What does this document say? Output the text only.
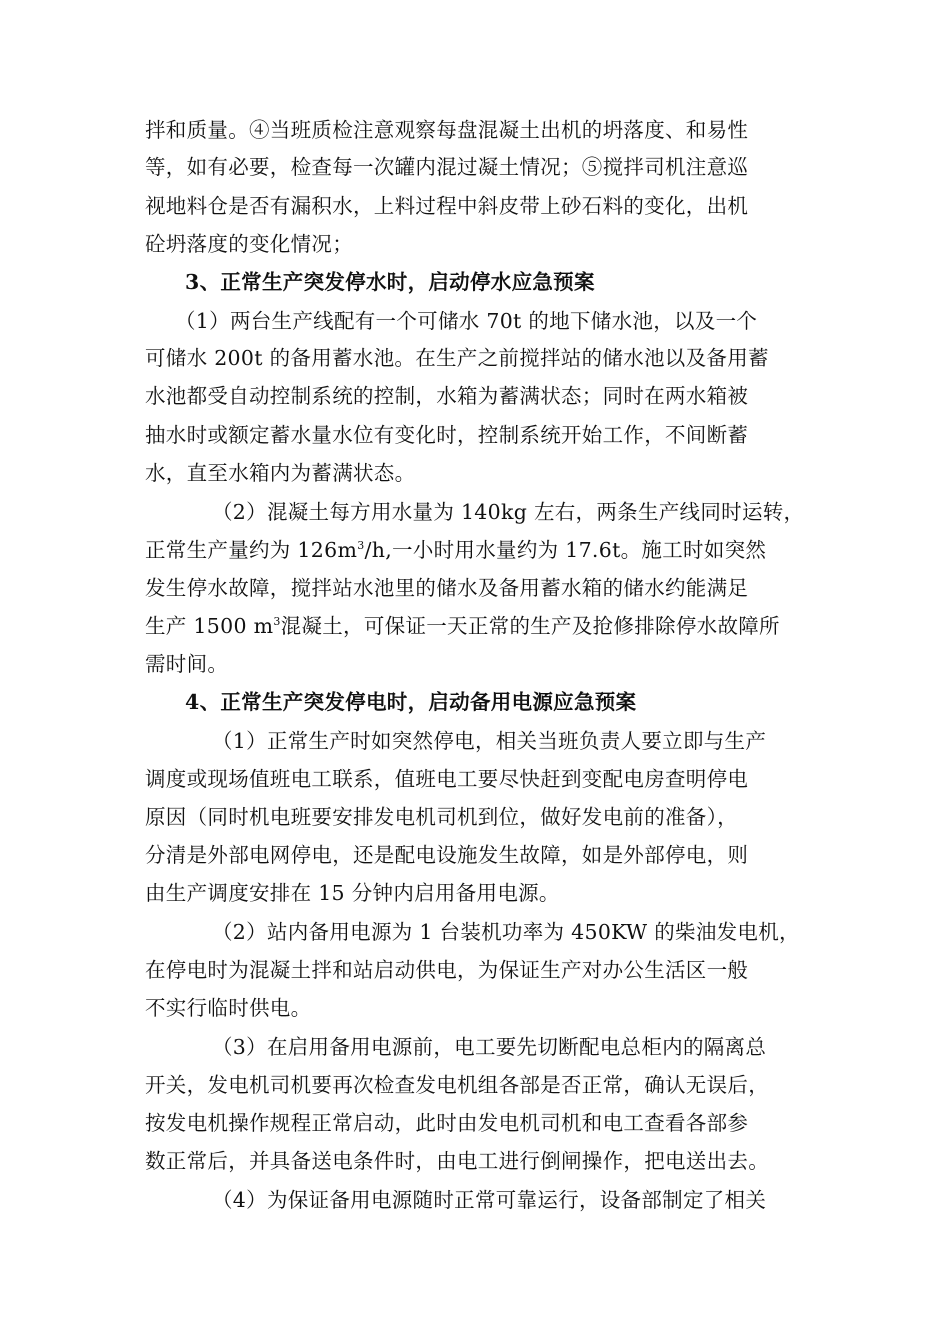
拌和质量。④当班质检注意观察每盘混凝土出机的坍落度、和易性
等，如有必要，检查每一次罐内混过凝土情况；⑤搅拌司机注意巡
视地料仓是否有漏积水，上料过程中斜皮带上砂石料的变化，出机
砼坍落度的变化情况；
3、正常生产突发停水时，启动停水应急预案
（1）两台生产线配有一个可储水 70t 的地下储水池，以及一个
可储水 200t 的备用蓄水池。在生产之前搅拌站的储水池以及备用蓄
水池都受自动控制系统的控制，水箱为蓄满状态；同时在两水箱被
抽水时或额定蓄水量水位有变化时，控制系统开始工作，不间断蓄
水，直至水箱内为蓄满状态。
（2）混凝土每方用水量为 140kg 左右，两条生产线同时运转，
正常生产量约为 $126m^3/h$,一小时用水量约为 17.6t。施工时如突然
发生停水故障，搅拌站水池里的储水及备用蓄水箱的储水约能满足
生产 1500 $m^3$混凝土，可保证一天正常的生产及抢修排除停水故障所
需时间。
4、正常生产突发停电时，启动备用电源应急预案
（1）正常生产时如突然停电，相关当班负责人要立即与生产
调度或现场值班电工联系，值班电工要尽快赶到变配电房查明停电
原因（同时机电班要安排发电机司机到位，做好发电前的准备），
分清是外部电网停电，还是配电设施发生故障，如是外部停电，则
由生产调度安排在 15 分钟内启用备用电源。
（2）站内备用电源为 1 台装机功率为 450KW 的柴油发电机，
在停电时为混凝土拌和站启动供电，为保证生产对办公生活区一般
不实行临时供电。
（3）在启用备用电源前，电工要先切断配电总柜内的隔离总
开关，发电机司机要再次检查发电机组各部是否正常，确认无误后，
按发电机操作规程正常启动，此时由发电机司机和电工查看各部参
数正常后，并具备送电条件时，由电工进行倒闸操作，把电送出去。
（4）为保证备用电源随时正常可靠运行，设备部制定了相关
